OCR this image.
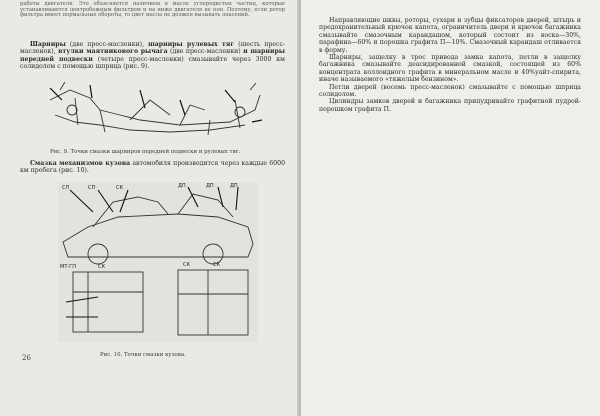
работы двигателя. Это объясняется наличием в масле углеродистых частиц, которые устанавливаются центробежным фильтром и на ниже двигателя не поп. Поэтому, если ротор фильтра имеет нормальные обороты, то цвет масла не должен вызывать опасений.

Шарниры (две пресс-масленки), шарниры рулевых тяг (шесть пресс-масленок), втулки маятникового рычага (две пресс-масленки) и шарниры передней подвески (четыре пресс-масленки) смазывайте через 3000 км солидолом с помощью шприца (рис. 9).

Рис. 9. Точки смазки шарниров передней подвески и рулевых тяг.

Смазка механизмов кузова автомобиля производится через каждые 6000 км пробега (рис. 10).

СП	СП	СК	ДП	ДП	ДП
МТ-ГП	СК	СК	СК
26	Рис. 10. Точки смазки кузова.

Направляющие шквы, роторы, сухари и зубцы фиксаторов дверей, штырь и предохранительный крючок капота, ограничитель двери и крючок багажника смазывайте смазочным карандашом, который состоит из воска—30%, парафина—60% и порошка графита П—10%. Смазочный карандаш отливается в форму.

Шарниры, защелку в трос привода замка капота, петли в защелку багажника смазывайте деасидированной смазкой, состоящей из 60% концентрата коллоидного графита в минеральном масле и 40%уайт-спирита, иначе называемого «тяжелым бензином».

Петли дверей (восемь пресс-масленок) смазывайте с помощью шприца солидолом.

Цилиндры замков дверей и багажника припудривайте графитной пудрой-порошком графита П.
